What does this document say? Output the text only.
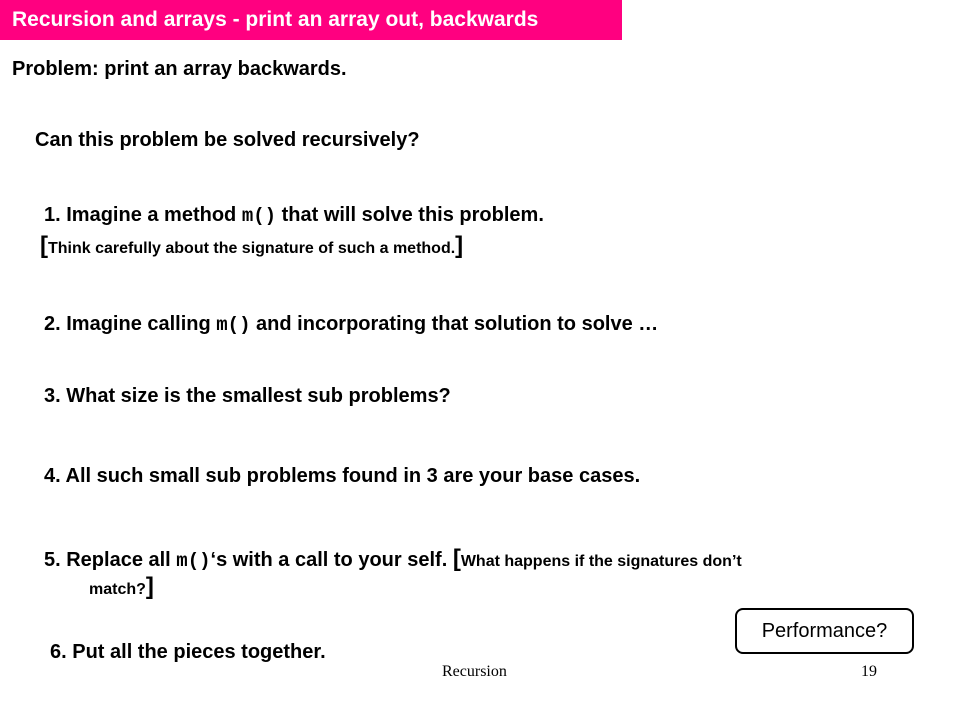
Recursion and arrays - print an array out, backwards
Problem: print an array backwards.
Can this problem be solved recursively?
1. Imagine a method m() that will solve this problem.
[Think carefully about the signature of such a method.]
2. Imagine calling m() and incorporating that solution to solve …
3. What size is the smallest sub problems?
4. All such small sub problems found in 3 are your base cases.
5. Replace all m()‘s with a call to your self. [What happens if the signatures don’t
match?]
6. Put all the pieces together.
Performance?
Recursion	19
